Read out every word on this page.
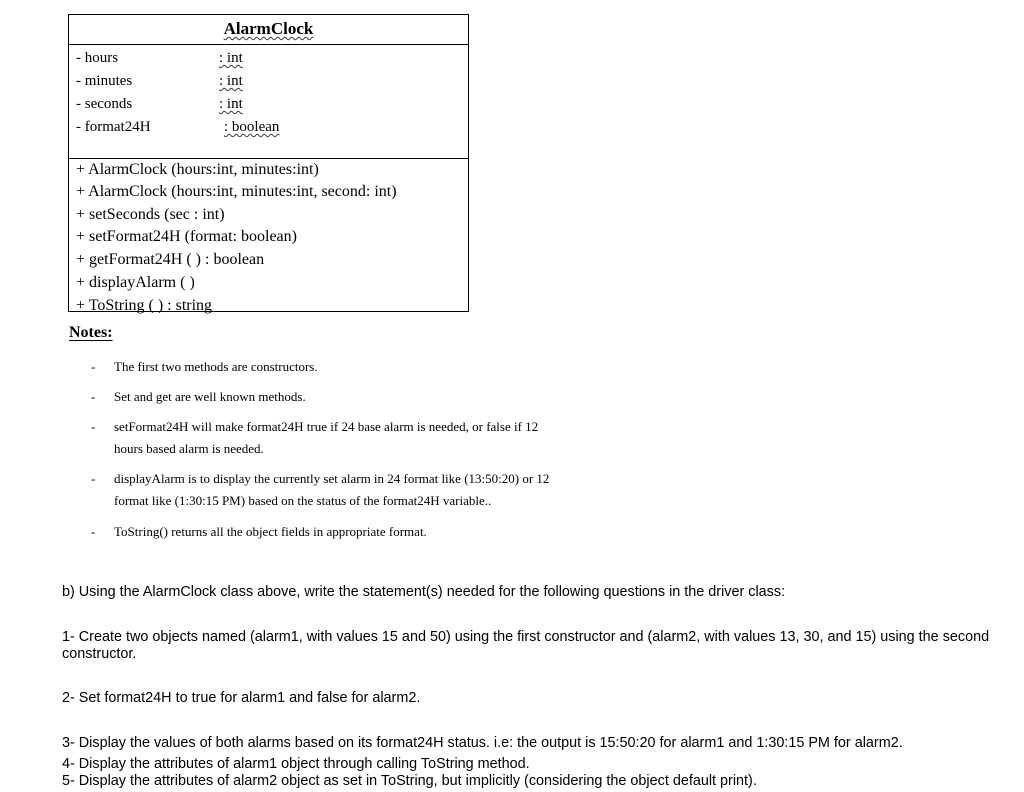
AlarmClock
- hours	: int
- minutes	: int
- seconds	: int
- format24H	: boolean
+ AlarmClock (hours:int, minutes:int)
+ AlarmClock (hours:int, minutes:int, second: int)
+ setSeconds (sec : int)
+ setFormat24H (format: boolean)
+ getFormat24H ( ) : boolean
+ displayAlarm ( )
+ ToString ( ) : string
Notes:
- The first two methods are constructors.
- Set and get are well known methods.
- setFormat24H will make format24H true if 24 base alarm is needed, or false if 12
hours based alarm is needed.
- displayAlarm is to display the currently set alarm in 24 format like (13:50:20) or 12
format like (1:30:15 PM) based on the status of the format24H variable..
- ToString() returns all the object fields in appropriate format.
b) Using the AlarmClock class above, write the statement(s) needed for the following questions in the driver class:
1- Create two objects named (alarm1, with values 15 and 50) using the first constructor and (alarm2, with values 13, 30, and 15) using the second
constructor.
2- Set format24H to true for alarm1 and false for alarm2.
3- Display the values of both alarms based on its format24H status. i.e: the output is 15:50:20 for alarm1 and 1:30:15 PM for alarm2.
4- Display the attributes of alarm1 object through calling ToString method.
5- Display the attributes of alarm2 object as set in ToString, but implicitly (considering the object default print).
